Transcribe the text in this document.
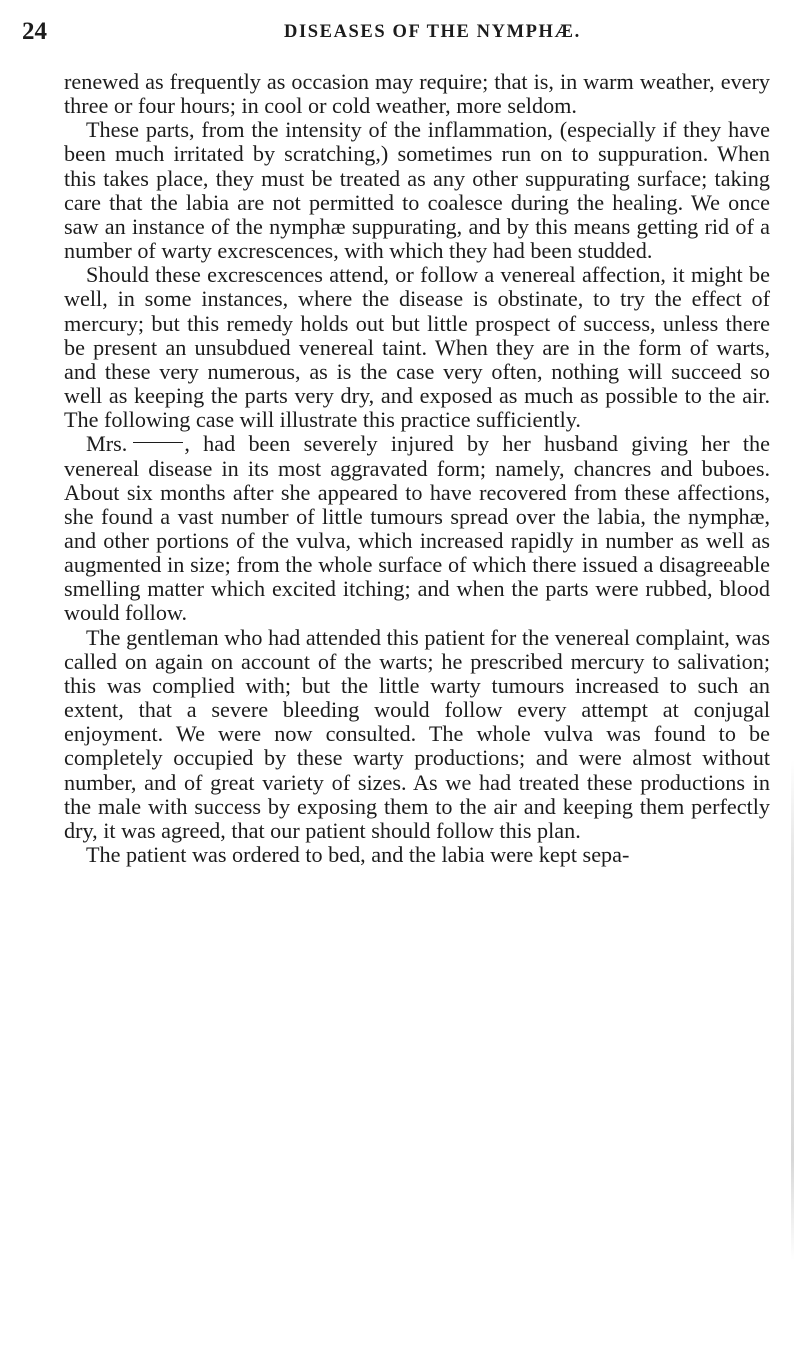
24	DISEASES OF THE NYMPHÆ.

renewed as frequently as occasion may require; that is, in warm weather, every three or four hours; in cool or cold weather, more seldom.

These parts, from the intensity of the inflammation, (especially if they have been much irritated by scratching,) sometimes run on to suppuration. When this takes place, they must be treated as any other suppurating surface; taking care that the labia are not permitted to coalesce during the healing. We once saw an instance of the nymphæ suppurating, and by this means getting rid of a number of warty excrescences, with which they had been studded.

Should these excrescences attend, or follow a venereal affection, it might be well, in some instances, where the disease is obstinate, to try the effect of mercury; but this remedy holds out but little prospect of success, unless there be present an unsubdued venereal taint. When they are in the form of warts, and these very numerous, as is the case very often, nothing will succeed so well as keeping the parts very dry, and exposed as much as possible to the air. The following case will illustrate this practice sufficiently.

Mrs.	, had been severely injured by her husband giving her the venereal disease in its most aggravated form; namely, chancres and buboes. About six months after she appeared to have recovered from these affections, she found a vast number of little tumours spread over the labia, the nymphæ, and other portions of the vulva, which increased rapidly in number as well as augmented in size; from the whole surface of which there issued a disagreeable smelling matter which excited itching; and when the parts were rubbed, blood would follow.

The gentleman who had attended this patient for the venereal complaint, was called on again on account of the warts; he prescribed mercury to salivation; this was complied with; but the little warty tumours increased to such an extent, that a severe bleeding would follow every attempt at conjugal enjoyment. We were now consulted. The whole vulva was found to be completely occupied by these warty productions; and were almost without number, and of great variety of sizes. As we had treated these productions in the male with success by exposing them to the air and keeping them perfectly dry, it was agreed, that our patient should follow this plan.

The patient was ordered to bed, and the labia were kept sepa-
